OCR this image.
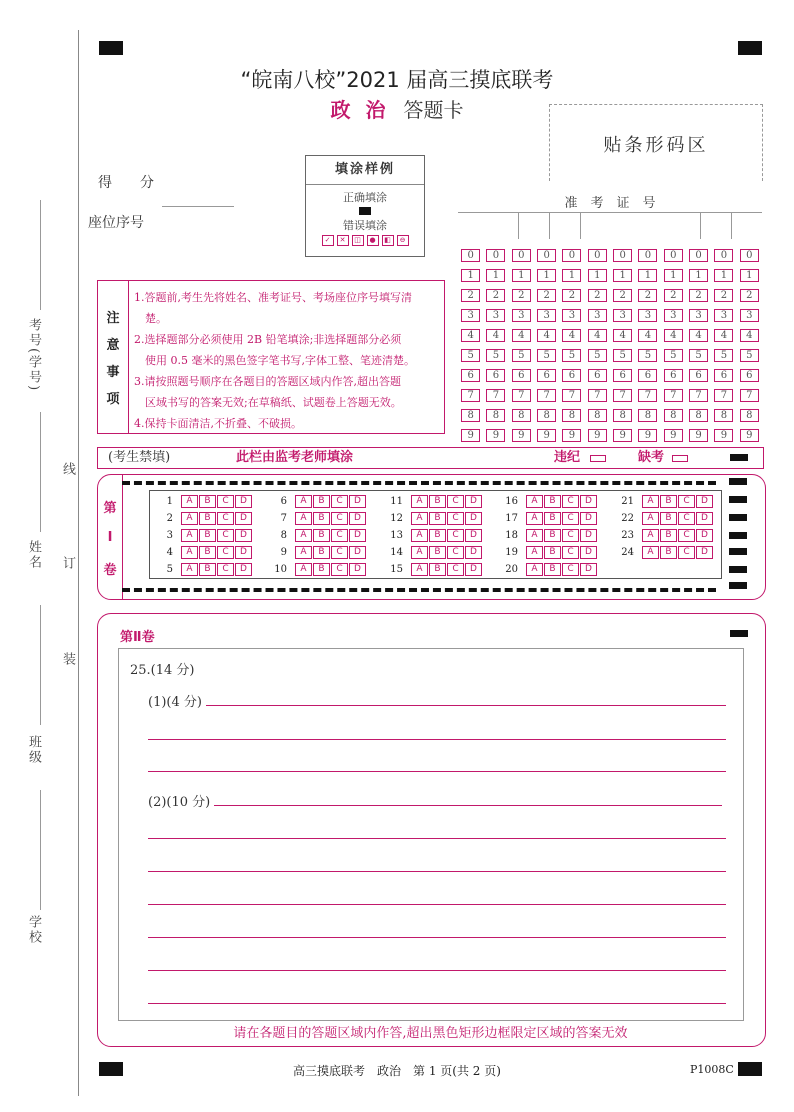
考号(学号)
姓名
班级
学校
线
订
装
“皖南八校”2021 届高三摸底联考
政 治 答题卡
贴条形码区
得　　分
座位序号
填涂样例
正确填涂
错误填涂
✓	✕	◫	●	◧	⊖
准　考　证　号
0	0	0	0	0	0	0	0	0	0	0	0
1	1	1	1	1	1	1	1	1	1	1	1
2	2	2	2	2	2	2	2	2	2	2	2
3	3	3	3	3	3	3	3	3	3	3	3
4	4	4	4	4	4	4	4	4	4	4	4
5	5	5	5	5	5	5	5	5	5	5	5
6	6	6	6	6	6	6	6	6	6	6	6
7	7	7	7	7	7	7	7	7	7	7	7
8	8	8	8	8	8	8	8	8	8	8	8
9	9	9	9	9	9	9	9	9	9	9	9
注
意
事
项
1.答题前,考生先将姓名、准考证号、考场座位序号填写清
　楚。
2.选择题部分必须使用 2B 铅笔填涂;非选择题部分必须
　使用 0.5 毫米的黑色签字笔书写,字体工整、笔迹清楚。
3.请按照题号顺序在各题目的答题区域内作答,超出答题
　区域书写的答案无效;在草稿纸、试题卷上答题无效。
4.保持卡面清洁,不折叠、不破损。
(考生禁填)	此栏由监考老师填涂	违纪	缺考
第
Ⅰ
卷
1	A	B	C	D
2	A	B	C	D
3	A	B	C	D
4	A	B	C	D
5	A	B	C	D
6	A	B	C	D
7	A	B	C	D
8	A	B	C	D
9	A	B	C	D
10	A	B	C	D
11	A	B	C	D
12	A	B	C	D
13	A	B	C	D
14	A	B	C	D
15	A	B	C	D
16	A	B	C	D
17	A	B	C	D
18	A	B	C	D
19	A	B	C	D
20	A	B	C	D
21	A	B	C	D
22	A	B	C	D
23	A	B	C	D
24	A	B	C	D
第Ⅱ卷
25.(14 分)
(1)(4 分)
(2)(10 分)
请在各题目的答题区域内作答,超出黑色矩形边框限定区域的答案无效
高三摸底联考　政治　第 1 页(共 2 页)	P1008C
